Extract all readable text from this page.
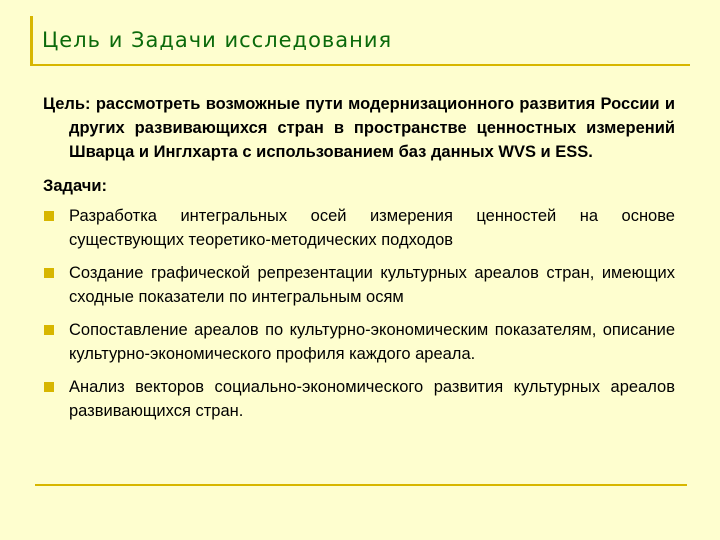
Цель и Задачи исследования

Цель: рассмотреть возможные пути модернизационного развития России и других развивающихся стран в пространстве ценностных измерений Шварца и Инглхарта с использованием баз данных WVS и ESS.

Задачи:
Разработка интегральных осей измерения ценностей на основе существующих теоретико-методических подходов
Создание графической репрезентации культурных ареалов стран, имеющих сходные показатели по интегральным осям
Сопоставление ареалов по культурно-экономическим показателям, описание культурно-экономического профиля каждого ареала.
Анализ векторов социально-экономического развития культурных ареалов развивающихся стран.
